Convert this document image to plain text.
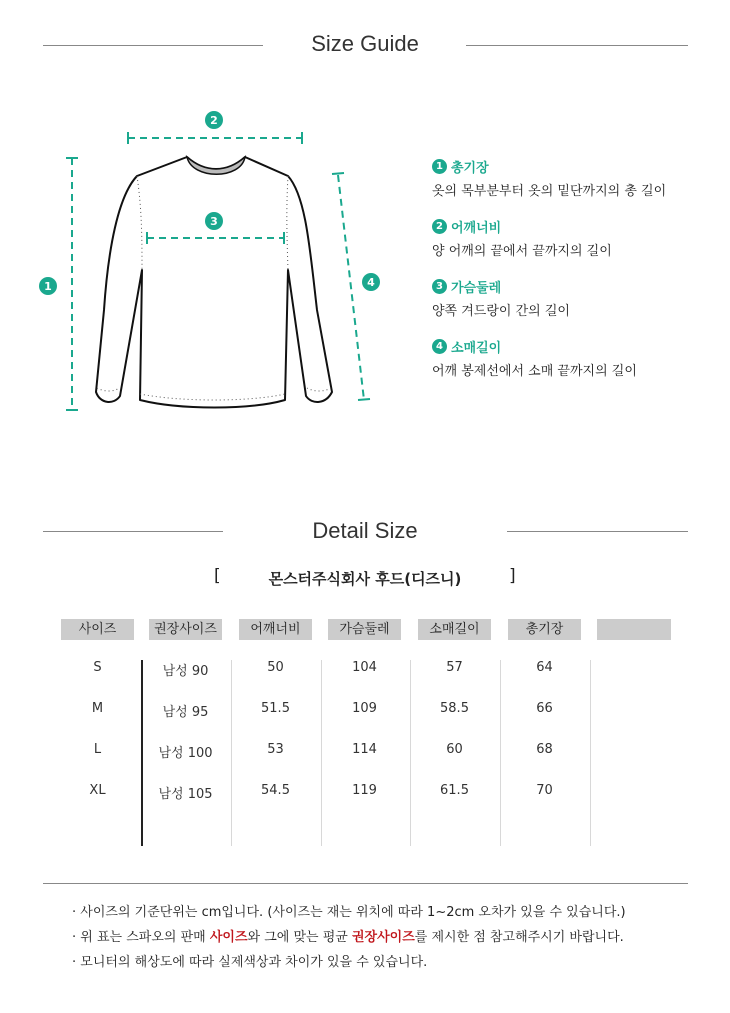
Size Guide
1
2
3
4
1 총기장
옷의 목부분부터 옷의 밑단까지의 총 길이
2 어깨너비
양 어깨의 끝에서 끝까지의 길이
3 가슴둘레
양쪽 겨드랑이 간의 길이
4 소매길이
어깨 봉제선에서 소매 끝까지의 길이
Detail Size
[	몬스터주식회사 후드(디즈니)	]
사이즈	권장사이즈	어깨너비	가슴둘레	소매길이	총기장
S	남성 90	50	104	57	64
M	남성 95	51.5	109	58.5	66
L	남성 100	53	114	60	68
XL	남성 105	54.5	119	61.5	70
· 사이즈의 기준단위는 cm입니다. (사이즈는 재는 위치에 따라 1~2cm 오차가 있을 수 있습니다.)
· 위 표는 스파오의 판매 사이즈와 그에 맞는 평균 권장사이즈를 제시한 점 참고해주시기 바랍니다.
· 모니터의 해상도에 따라 실제색상과 차이가 있을 수 있습니다.
